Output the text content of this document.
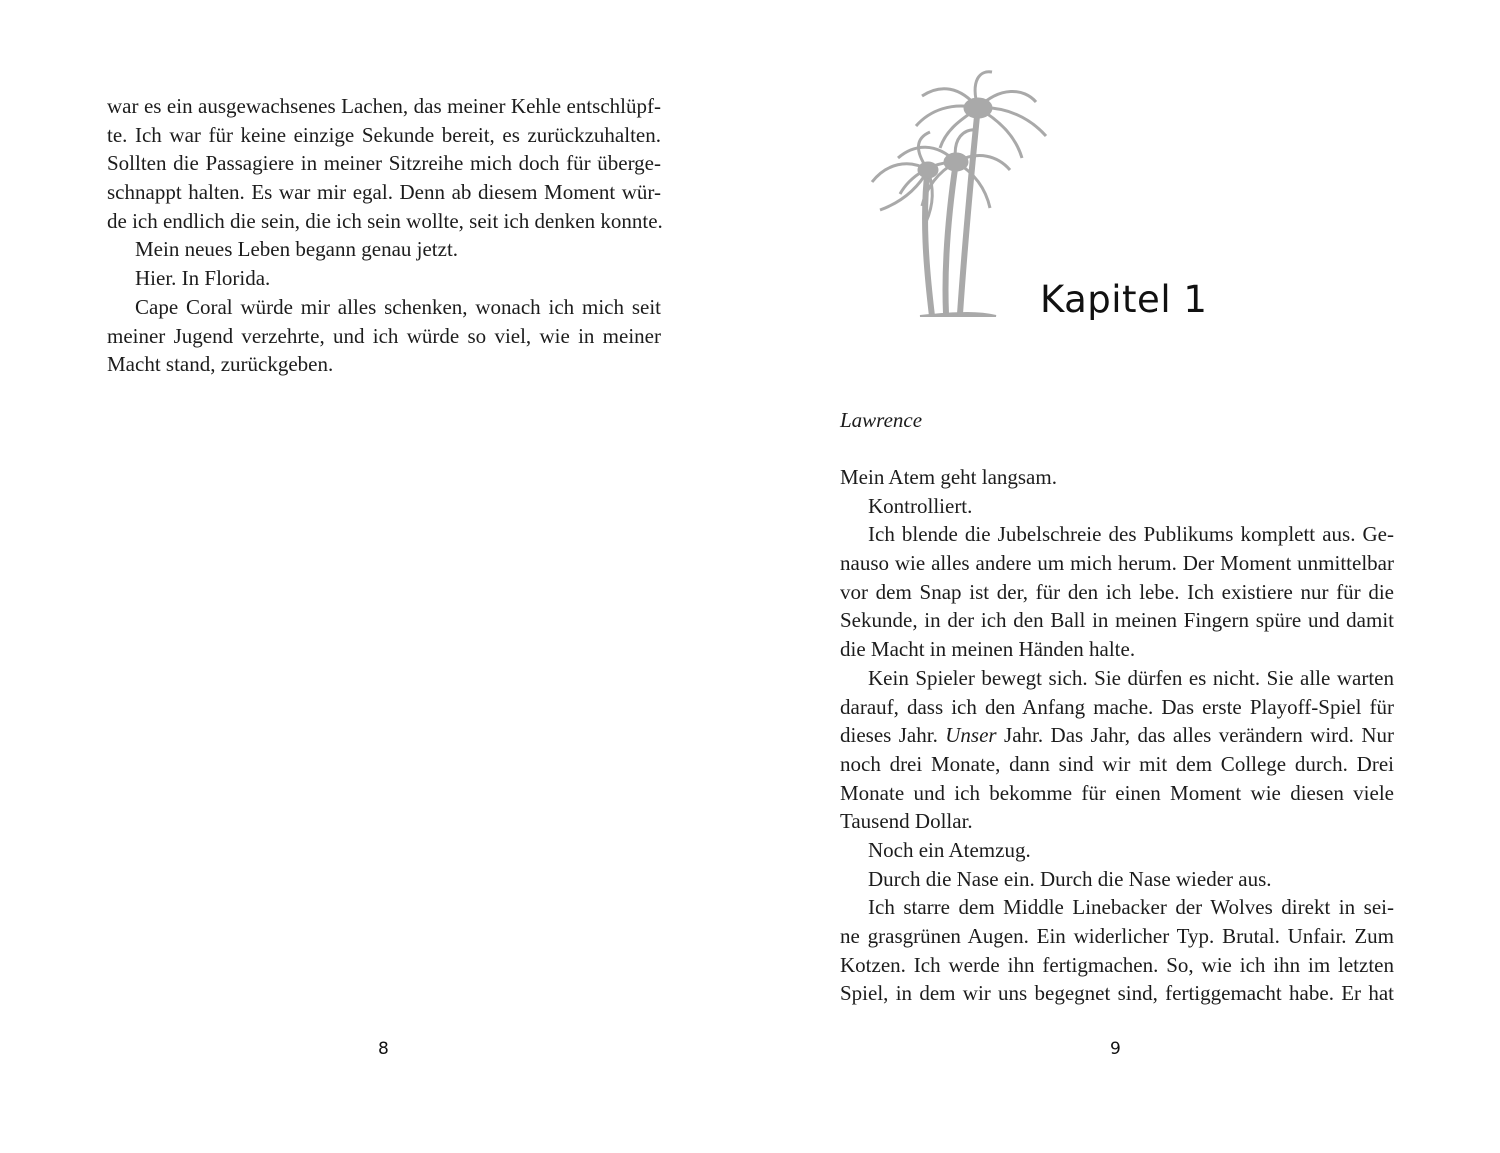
war es ein ausgewachsenes Lachen, das meiner Kehle entschlüpf-
te. Ich war für keine einzige Sekunde bereit, es zurückzuhalten.
Sollten die Passagiere in meiner Sitzreihe mich doch für überge-
schnappt halten. Es war mir egal. Denn ab diesem Moment wür-
de ich endlich die sein, die ich sein wollte, seit ich denken konnte.
Mein neues Leben begann genau jetzt.
Hier. In Florida.
Cape Coral würde mir alles schenken, wonach ich mich seit
meiner Jugend verzehrte, und ich würde so viel, wie in meiner
Macht stand, zurückgeben.
8
Kapitel 1
Lawrence
Mein Atem geht langsam.
Kontrolliert.
Ich blende die Jubelschreie des Publikums komplett aus. Ge-
nauso wie alles andere um mich herum. Der Moment unmittelbar
vor dem Snap ist der, für den ich lebe. Ich existiere nur für die
Sekunde, in der ich den Ball in meinen Fingern spüre und damit
die Macht in meinen Händen halte.
Kein Spieler bewegt sich. Sie dürfen es nicht. Sie alle warten
darauf, dass ich den Anfang mache. Das erste Playoff-Spiel für
dieses Jahr. Unser Jahr. Das Jahr, das alles verändern wird. Nur
noch drei Monate, dann sind wir mit dem College durch. Drei
Monate und ich bekomme für einen Moment wie diesen viele
Tausend Dollar.
Noch ein Atemzug.
Durch die Nase ein. Durch die Nase wieder aus.
Ich starre dem Middle Linebacker der Wolves direkt in sei-
ne grasgrünen Augen. Ein widerlicher Typ. Brutal. Unfair. Zum
Kotzen. Ich werde ihn fertigmachen. So, wie ich ihn im letzten
Spiel, in dem wir uns begegnet sind, fertiggemacht habe. Er hat
9
